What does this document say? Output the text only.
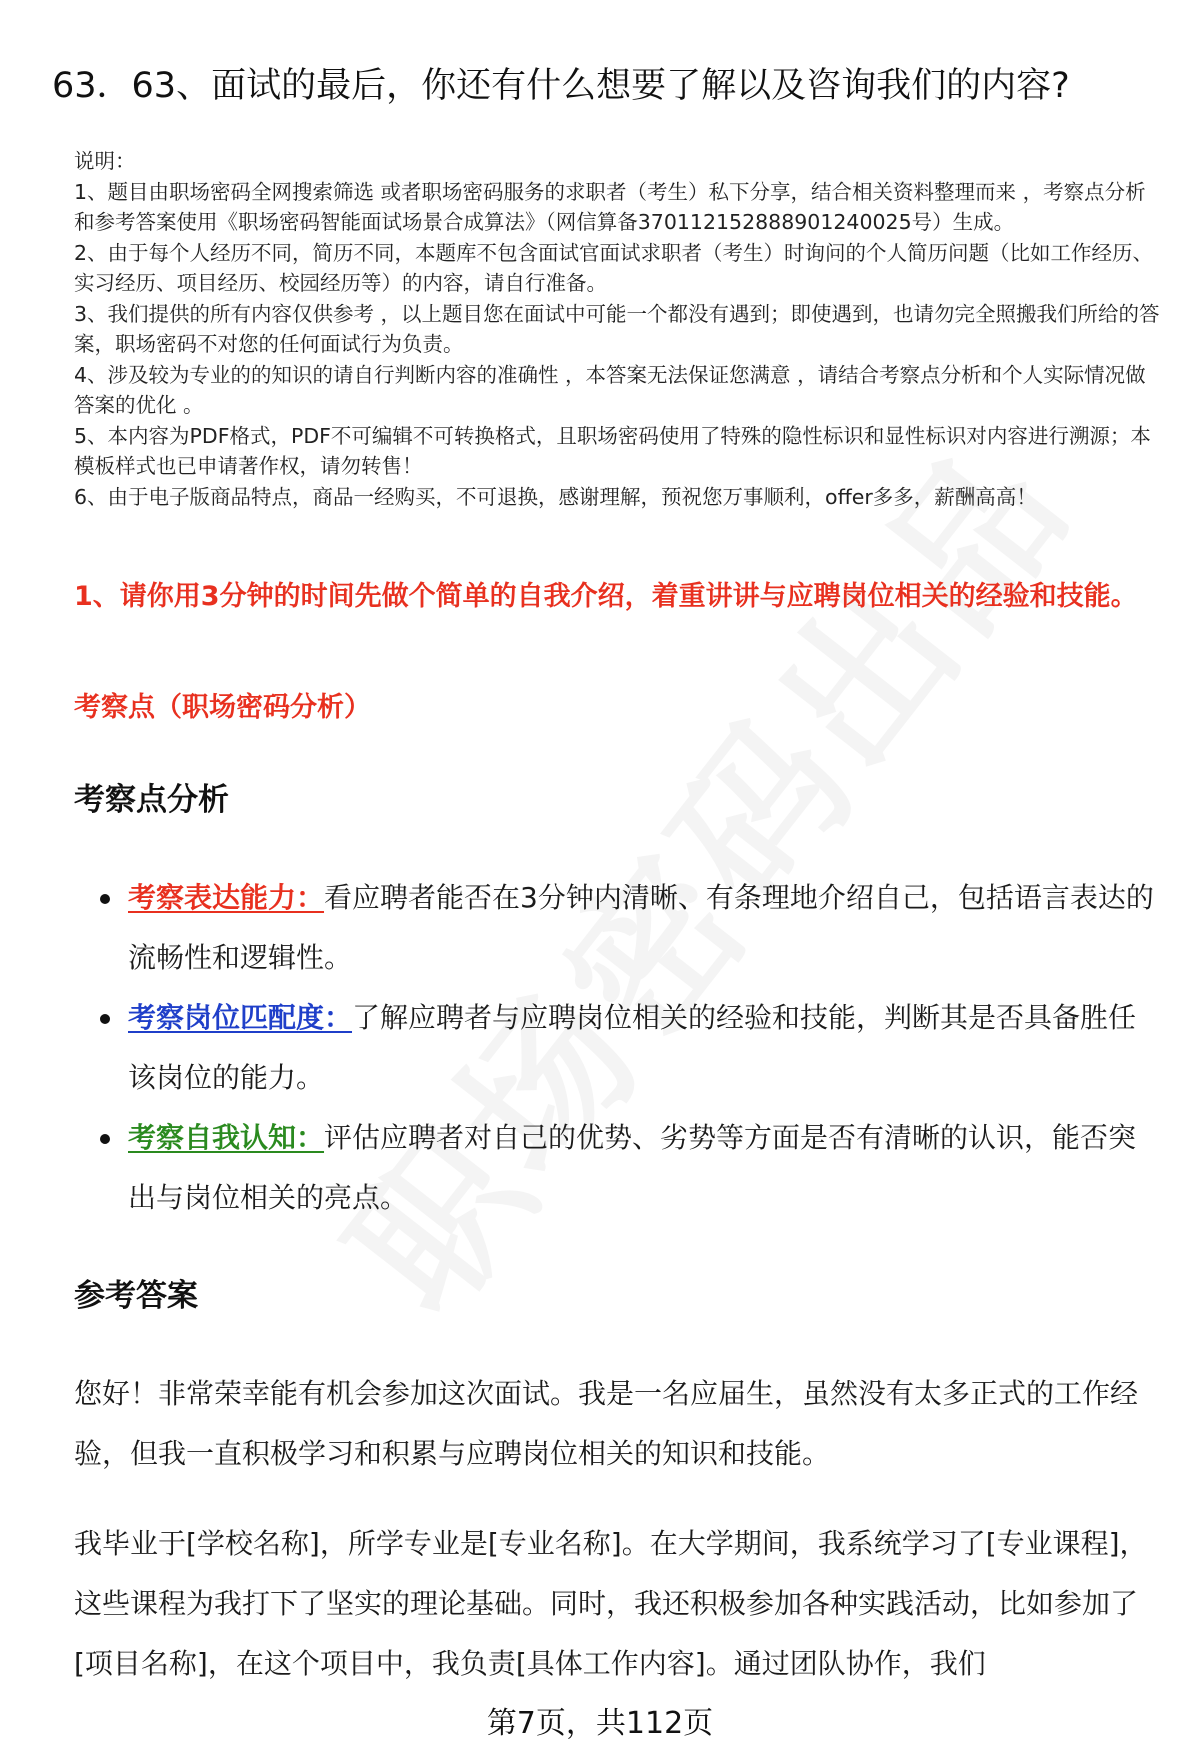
63．63、面试的最后，你还有什么想要了解以及咨询我们的内容?

说明：

1、题目由职场密码全网搜索筛选 或者职场密码服务的求职者（考生）私下分享，结合相关资料整理而来 ，考察点分析和参考答案使用《职场密码智能面试场景合成算法》（网信算备370112152888901240025号）生成。

2、由于每个人经历不同，简历不同，本题库不包含面试官面试求职者（考生）时询问的个人简历问题（比如工作经历、实习经历、项目经历、校园经历等）的内容，请自行准备。

3、我们提供的所有内容仅供参考 ，以上题目您在面试中可能一个都没有遇到；即使遇到，也请勿完全照搬我们所给的答案，职场密码不对您的任何面试行为负责。

4、涉及较为专业的的知识的请自行判断内容的准确性 ，本答案无法保证您满意 ，请结合考察点分析和个人实际情况做答案的优化 。

5、本内容为PDF格式，PDF不可编辑不可转换格式，且职场密码使用了特殊的隐性标识和显性标识对内容进行溯源；本模板样式也已申请著作权，请勿转售！

6、由于电子版商品特点，商品一经购买，不可退换，感谢理解，预祝您万事顺利，offer多多，薪酬高高！

1、请你用3分钟的时间先做个简单的自我介绍，着重讲讲与应聘岗位相关的经验和技能。

考察点（职场密码分析）

考察点分析
考察表达能力：看应聘者能否在3分钟内清晰、有条理地介绍自己，包括语言表达的流畅性和逻辑性。
考察岗位匹配度：了解应聘者与应聘岗位相关的经验和技能，判断其是否具备胜任该岗位的能力。
考察自我认知：评估应聘者对自己的优势、劣势等方面是否有清晰的认识，能否突出与岗位相关的亮点。
参考答案

您好！非常荣幸能有机会参加这次面试。我是一名应届生，虽然没有太多正式的工作经验，但我一直积极学习和积累与应聘岗位相关的知识和技能。

我毕业于[学校名称]，所学专业是[专业名称]。在大学期间，我系统学习了[专业课程]，这些课程为我打下了坚实的理论基础。同时，我还积极参加各种实践活动，比如参加了[项目名称]，在这个项目中，我负责[具体工作内容]。通过团队协作，我们

第7页，共112页
